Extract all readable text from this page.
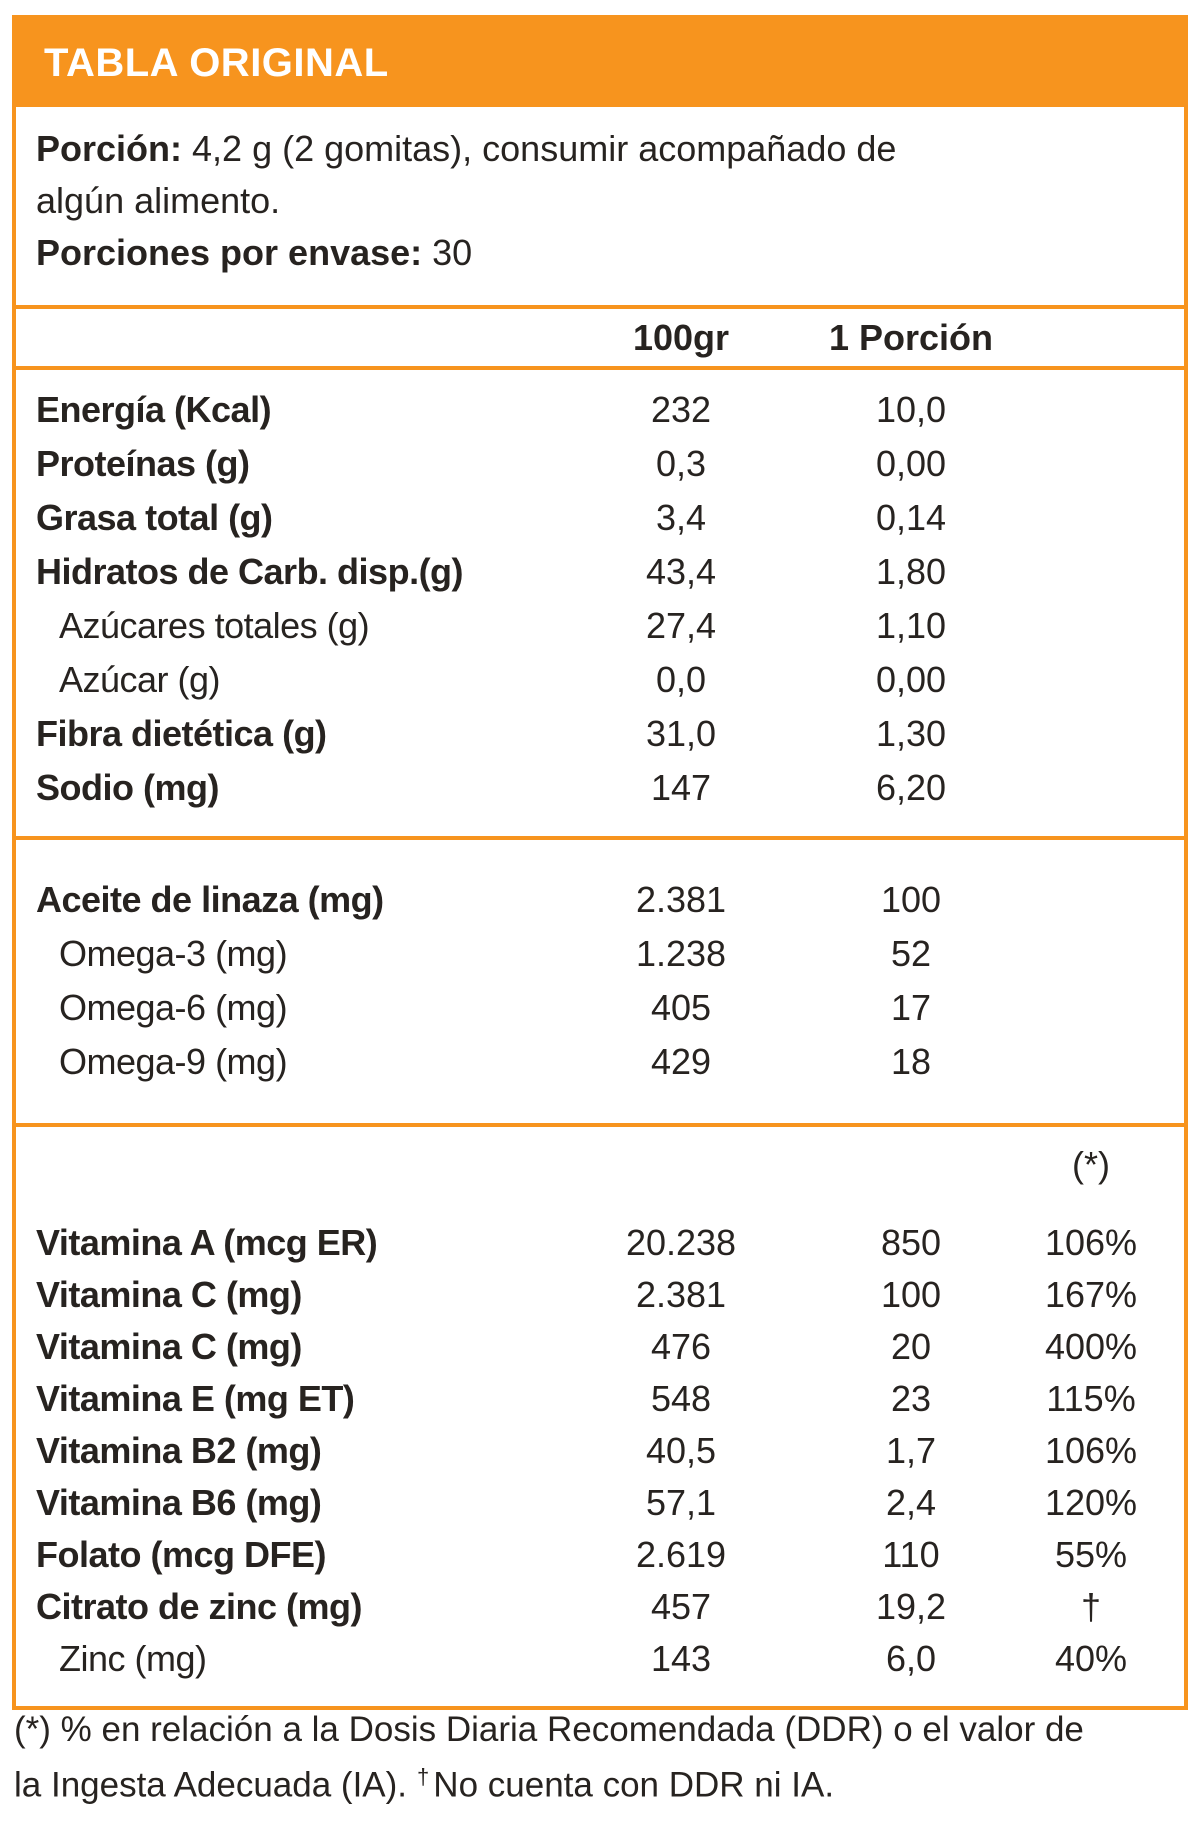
TABLA ORIGINAL

Porción: 4,2 g (2 gomitas), consumir acompañado de algún alimento.

Porciones por envase: 30

100gr	1 Porción
Energía (Kcal)	232	10,0
Proteínas (g)	0,3	0,00
Grasa total (g)	3,4	0,14
Hidratos de Carb. disp.(g)	43,4	1,80
Azúcares totales (g)	27,4	1,10
Azúcar (g)	0,0	0,00
Fibra dietética (g)	31,0	1,30
Sodio (mg)	147	6,20
Aceite de linaza (mg)	2.381	100
Omega-3 (mg)	1.238	52
Omega-6 (mg)	405	17
Omega-9 (mg)	429	18
(*)
Vitamina A (mcg ER)	20.238	850	106%
Vitamina C (mg)	2.381	100	167%
Vitamina C (mg)	476	20	400%
Vitamina E (mg ET)	548	23	115%
Vitamina B2 (mg)	40,5	1,7	106%
Vitamina B6 (mg)	57,1	2,4	120%
Folato (mcg DFE)	2.619	110	55%
Citrato de zinc (mg)	457	19,2	†
Zinc (mg)	143	6,0	40%

(*) % en relación a la Dosis Diaria Recomendada (DDR) o el valor de
la Ingesta Adecuada (IA). † No cuenta con DDR ni IA.
